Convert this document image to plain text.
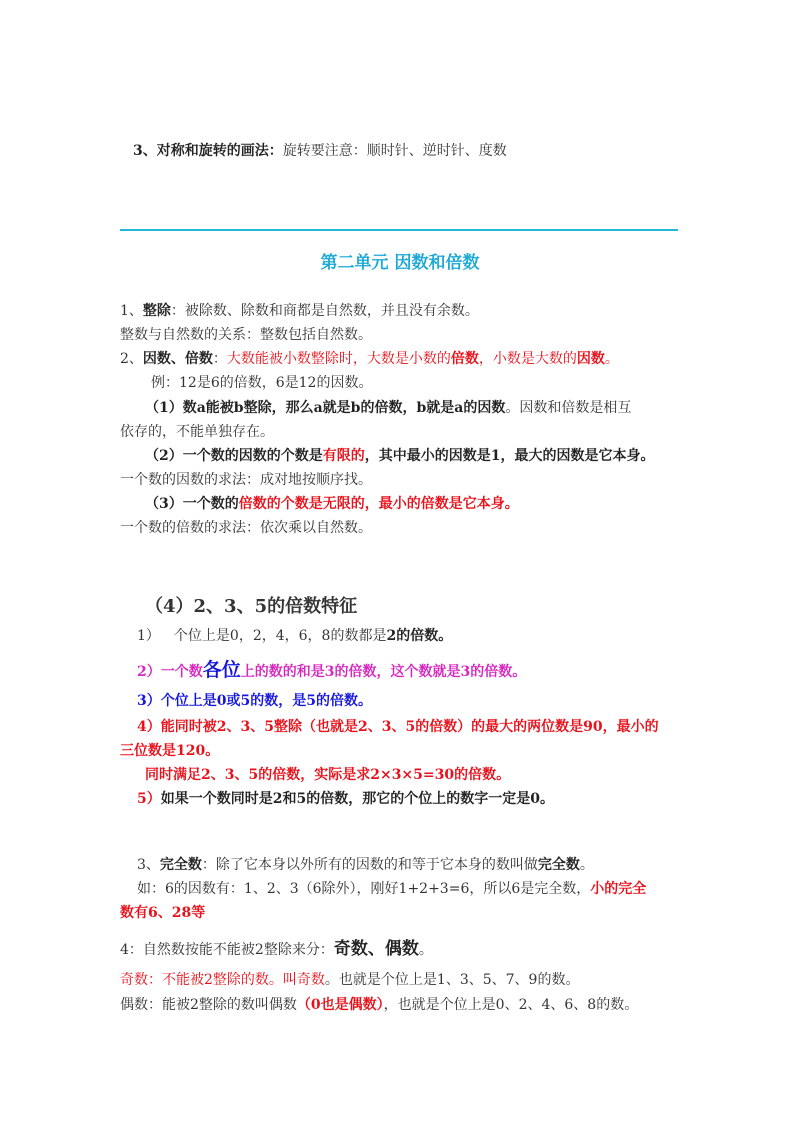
3、对称和旋转的画法：旋转要注意：顺时针、逆时针、度数
第二单元 因数和倍数
1、整除：被除数、除数和商都是自然数，并且没有余数。
整数与自然数的关系：整数包括自然数。
2、因数、倍数：大数能被小数整除时，大数是小数的倍数，小数是大数的因数。
例：12是6的倍数，6是12的因数。
（1）数a能被b整除，那么a就是b的倍数，b就是a的因数。因数和倍数是相互
依存的，不能单独存在。
（2）一个数的因数的个数是有限的，其中最小的因数是1，最大的因数是它本身。
一个数的因数的求法：成对地按顺序找。
（3）一个数的倍数的个数是无限的，最小的倍数是它本身。
一个数的倍数的求法：依次乘以自然数。
（4）2、3、5的倍数特征
1） 个位上是0，2，4，6，8的数都是2的倍数。
2）一个数各位上的数的和是3的倍数，这个数就是3的倍数。
3）个位上是0或5的数，是5的倍数。
4）能同时被2、3、5整除（也就是2、3、5的倍数）的最大的两位数是90，最小的
三位数是120。
同时满足2、3、5的倍数，实际是求2×3×5=30的倍数。
5）如果一个数同时是2和5的倍数，那它的个位上的数字一定是0。
3、完全数：除了它本身以外所有的因数的和等于它本身的数叫做完全数。
如：6的因数有：1、2、3（6除外），刚好1+2+3=6，所以6是完全数，小的完全
数有6、28等
4：自然数按能不能被2整除来分：奇数、偶数。
奇数：不能被2整除的数。叫奇数。也就是个位上是1、3、5、7、9的数。
偶数：能被2整除的数叫偶数（0也是偶数），也就是个位上是0、2、4、6、8的数。
